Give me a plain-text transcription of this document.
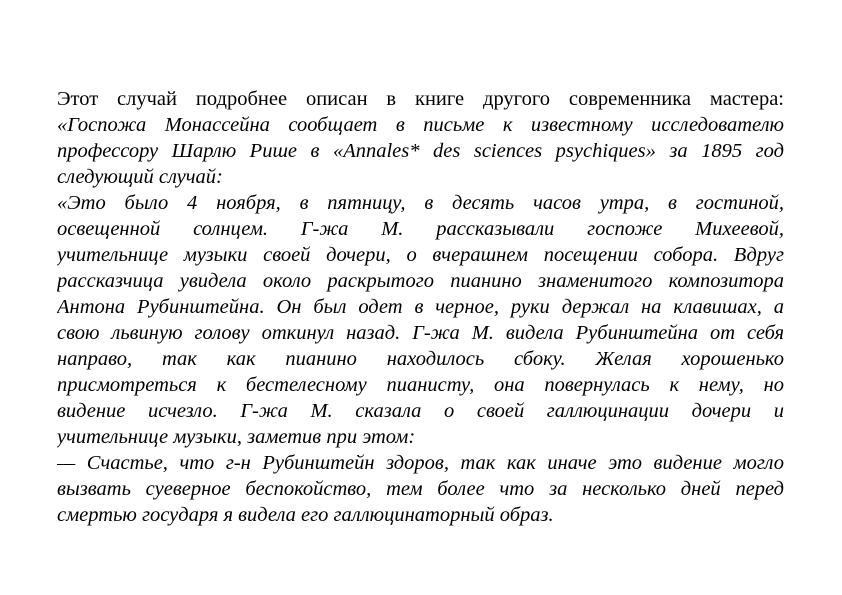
Этот случай подробнее описан в книге другого современника мастера:
«Госпожа Монассейна сообщает в письме к известному исследователю
профессору Шарлю Рише в «Annales* des sciences psychiques» за 1895 год
следующий случай:
«Это было 4 ноября, в пятницу, в десять часов утра, в гостиной,
освещенной солнцем. Г-жа М. рассказывали госпоже Михеевой,
учительнице музыки своей дочери, о вчерашнем посещении собора. Вдруг
рассказчица увидела около раскрытого пианино знаменитого композитора
Антона Рубинштейна. Он был одет в черное, руки держал на клавишах, а
свою львиную голову откинул назад. Г-жа М. видела Рубинштейна от себя
направо, так как пианино находилось сбоку. Желая хорошенько
присмотреться к бестелесному пианисту, она повернулась к нему, но
видение исчезло. Г-жа М. сказала о своей галлюцинации дочери и
учительнице музыки, заметив при этом:
— Счастье, что г-н Рубинштейн здоров, так как иначе это видение могло
вызвать суеверное беспокойство, тем более что за несколько дней перед
смертью государя я видела его галлюцинаторный образ.
